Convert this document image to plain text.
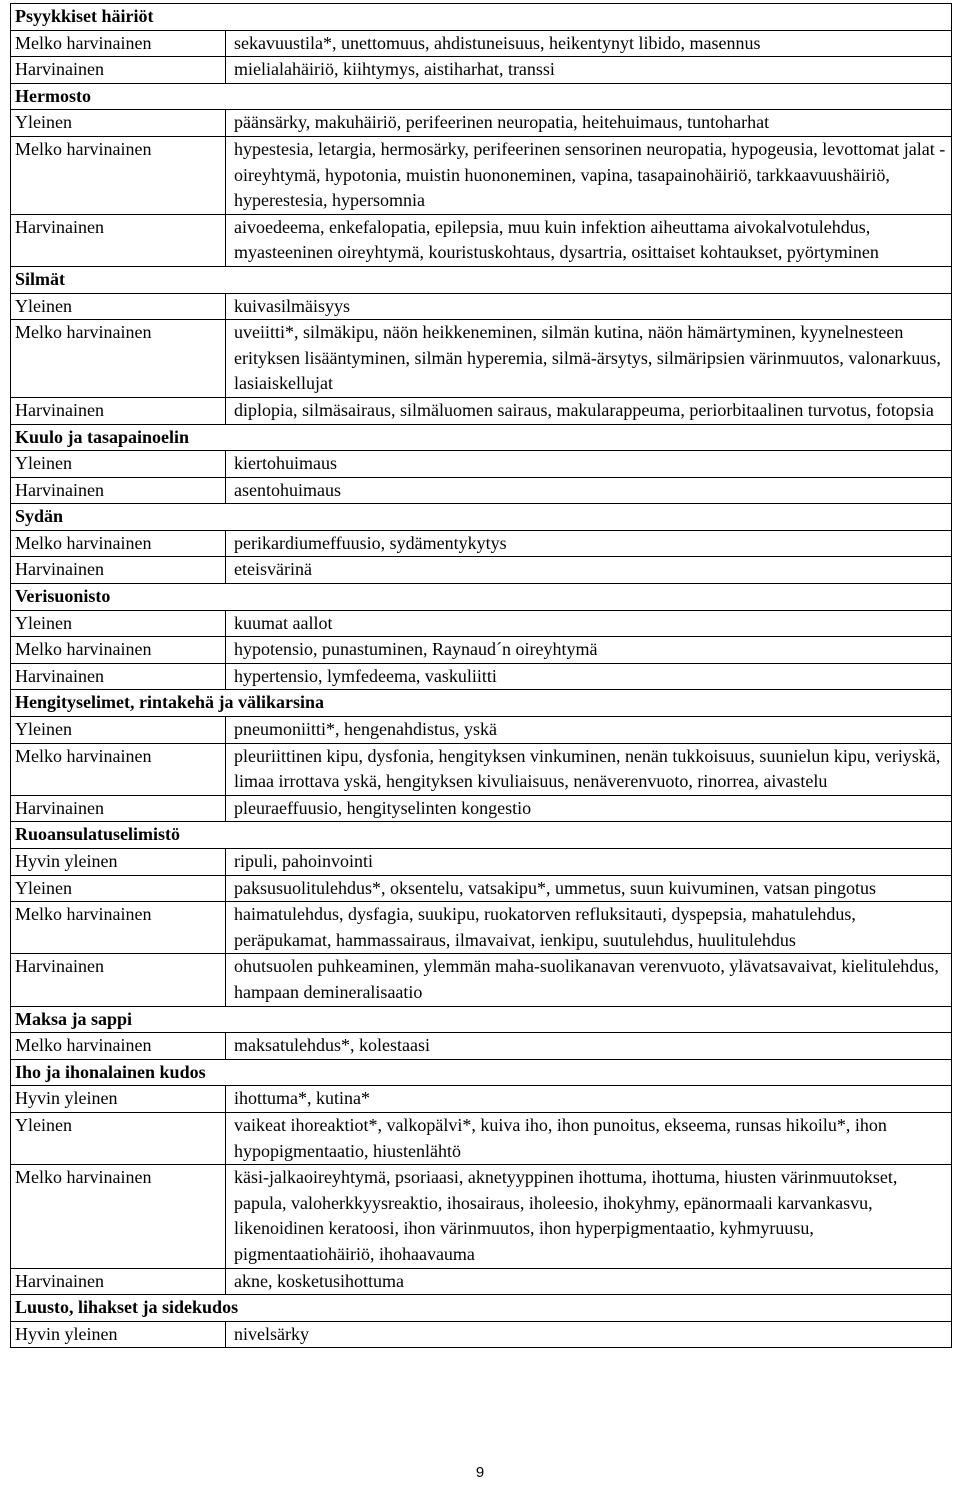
Psyykkiset häiriöt
Melko harvinainen	sekavuustila*, unettomuus, ahdistuneisuus, heikentynyt libido, masennus
Harvinainen	mielialahäiriö, kiihtymys, aistiharhat, transsi
Hermosto
Yleinen	päänsärky, makuhäiriö, perifeerinen neuropatia, heitehuimaus, tuntoharhat
Melko harvinainen	hypestesia, letargia, hermosärky, perifeerinen sensorinen neuropatia, hypogeusia, levottomat jalat -oireyhtymä, hypotonia, muistin huononeminen, vapina, tasapainohäiriö, tarkkaavuushäiriö, hyperestesia, hypersomnia
Harvinainen	aivoedeema, enkefalopatia, epilepsia, muu kuin infektion aiheuttama aivokalvotulehdus, myasteeninen oireyhtymä, kouristuskohtaus, dysartria, osittaiset kohtaukset, pyörtyminen
Silmät
Yleinen	kuivasilmäisyys
Melko harvinainen	uveiitti*, silmäkipu, näön heikkeneminen, silmän kutina, näön hämärtyminen, kyynelnesteen erityksen lisääntyminen, silmän hyperemia, silmä-ärsytys, silmäripsien värinmuutos, valonarkuus, lasiaiskellujat
Harvinainen	diplopia, silmäsairaus, silmäluomen sairaus, makularappeuma, periorbitaalinen turvotus, fotopsia
Kuulo ja tasapainoelin
Yleinen	kiertohuimaus
Harvinainen	asentohuimaus
Sydän
Melko harvinainen	perikardiumeffuusio, sydämentykytys
Harvinainen	eteisvärinä
Verisuonisto
Yleinen	kuumat aallot
Melko harvinainen	hypotensio, punastuminen, Raynaud´n oireyhtymä
Harvinainen	hypertensio, lymfedeema, vaskuliitti
Hengityselimet, rintakehä ja välikarsina
Yleinen	pneumoniitti*, hengenahdistus, yskä
Melko harvinainen	pleuriittinen kipu, dysfonia, hengityksen vinkuminen, nenän tukkoisuus, suunielun kipu, veriyskä, limaa irrottava yskä, hengityksen kivuliaisuus, nenäverenvuoto, rinorrea, aivastelu
Harvinainen	pleuraeffuusio, hengityselinten kongestio
Ruoansulatuselimistö
Hyvin yleinen	ripuli, pahoinvointi
Yleinen	paksusuolitulehdus*, oksentelu, vatsakipu*, ummetus, suun kuivuminen, vatsan pingotus
Melko harvinainen	haimatulehdus, dysfagia, suukipu, ruokatorven refluksitauti, dyspepsia, mahatulehdus, peräpukamat, hammassairaus, ilmavaivat, ienkipu, suutulehdus, huulitulehdus
Harvinainen	ohutsuolen puhkeaminen, ylemmän maha-suolikanavan verenvuoto, ylävatsavaivat, kielitulehdus, hampaan demineralisaatio
Maksa ja sappi
Melko harvinainen	maksatulehdus*, kolestaasi
Iho ja ihonalainen kudos
Hyvin yleinen	ihottuma*, kutina*
Yleinen	vaikeat ihoreaktiot*, valkopälvi*, kuiva iho, ihon punoitus, ekseema, runsas hikoilu*, ihon hypopigmentaatio, hiustenlähtö
Melko harvinainen	käsi-jalkaoireyhtymä, psoriaasi, aknetyyppinen ihottuma, ihottuma, hiusten värinmuutokset, papula, valoherkkyysreaktio, ihosairaus, iholeesio, ihokyhmy, epänormaali karvankasvu, likenoidinen keratoosi, ihon värinmuutos, ihon hyperpigmentaatio, kyhmyruusu, pigmentaatiohäiriö, ihohaavauma
Harvinainen	akne, kosketusihottuma
Luusto, lihakset ja sidekudos
Hyvin yleinen	nivelsärky
9
